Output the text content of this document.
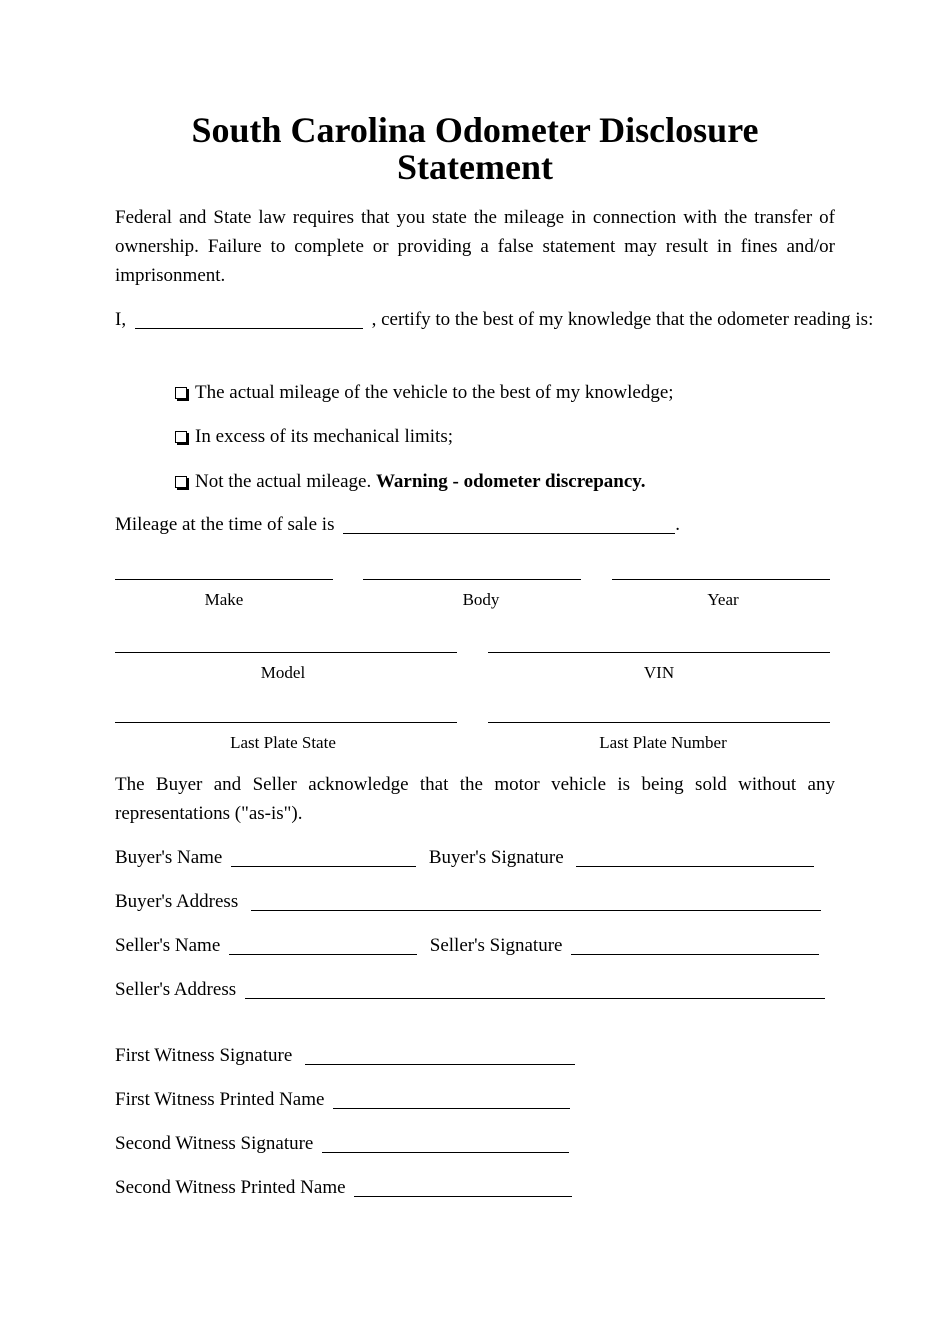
South Carolina Odometer Disclosure Statement

Federal and State law requires that you state the mileage in connection with the transfer of ownership. Failure to complete or providing a false statement may result in fines and/or imprisonment.

I,	, certify to the best of my knowledge that the odometer reading is:
The actual mileage of the vehicle to the best of my knowledge;
In excess of its mechanical limits;
Not the actual mileage. Warning - odometer discrepancy.
Mileage at the time of sale is	.
Make	Body	Year
Model	VIN
Last Plate State	Last Plate Number

The Buyer and Seller acknowledge that the motor vehicle is being sold without any representations ("as-is").

Buyer's Name	Buyer's Signature
Buyer's Address
Seller's Name	Seller's Signature
Seller's Address
First Witness Signature
First Witness Printed Name
Second Witness Signature
Second Witness Printed Name
